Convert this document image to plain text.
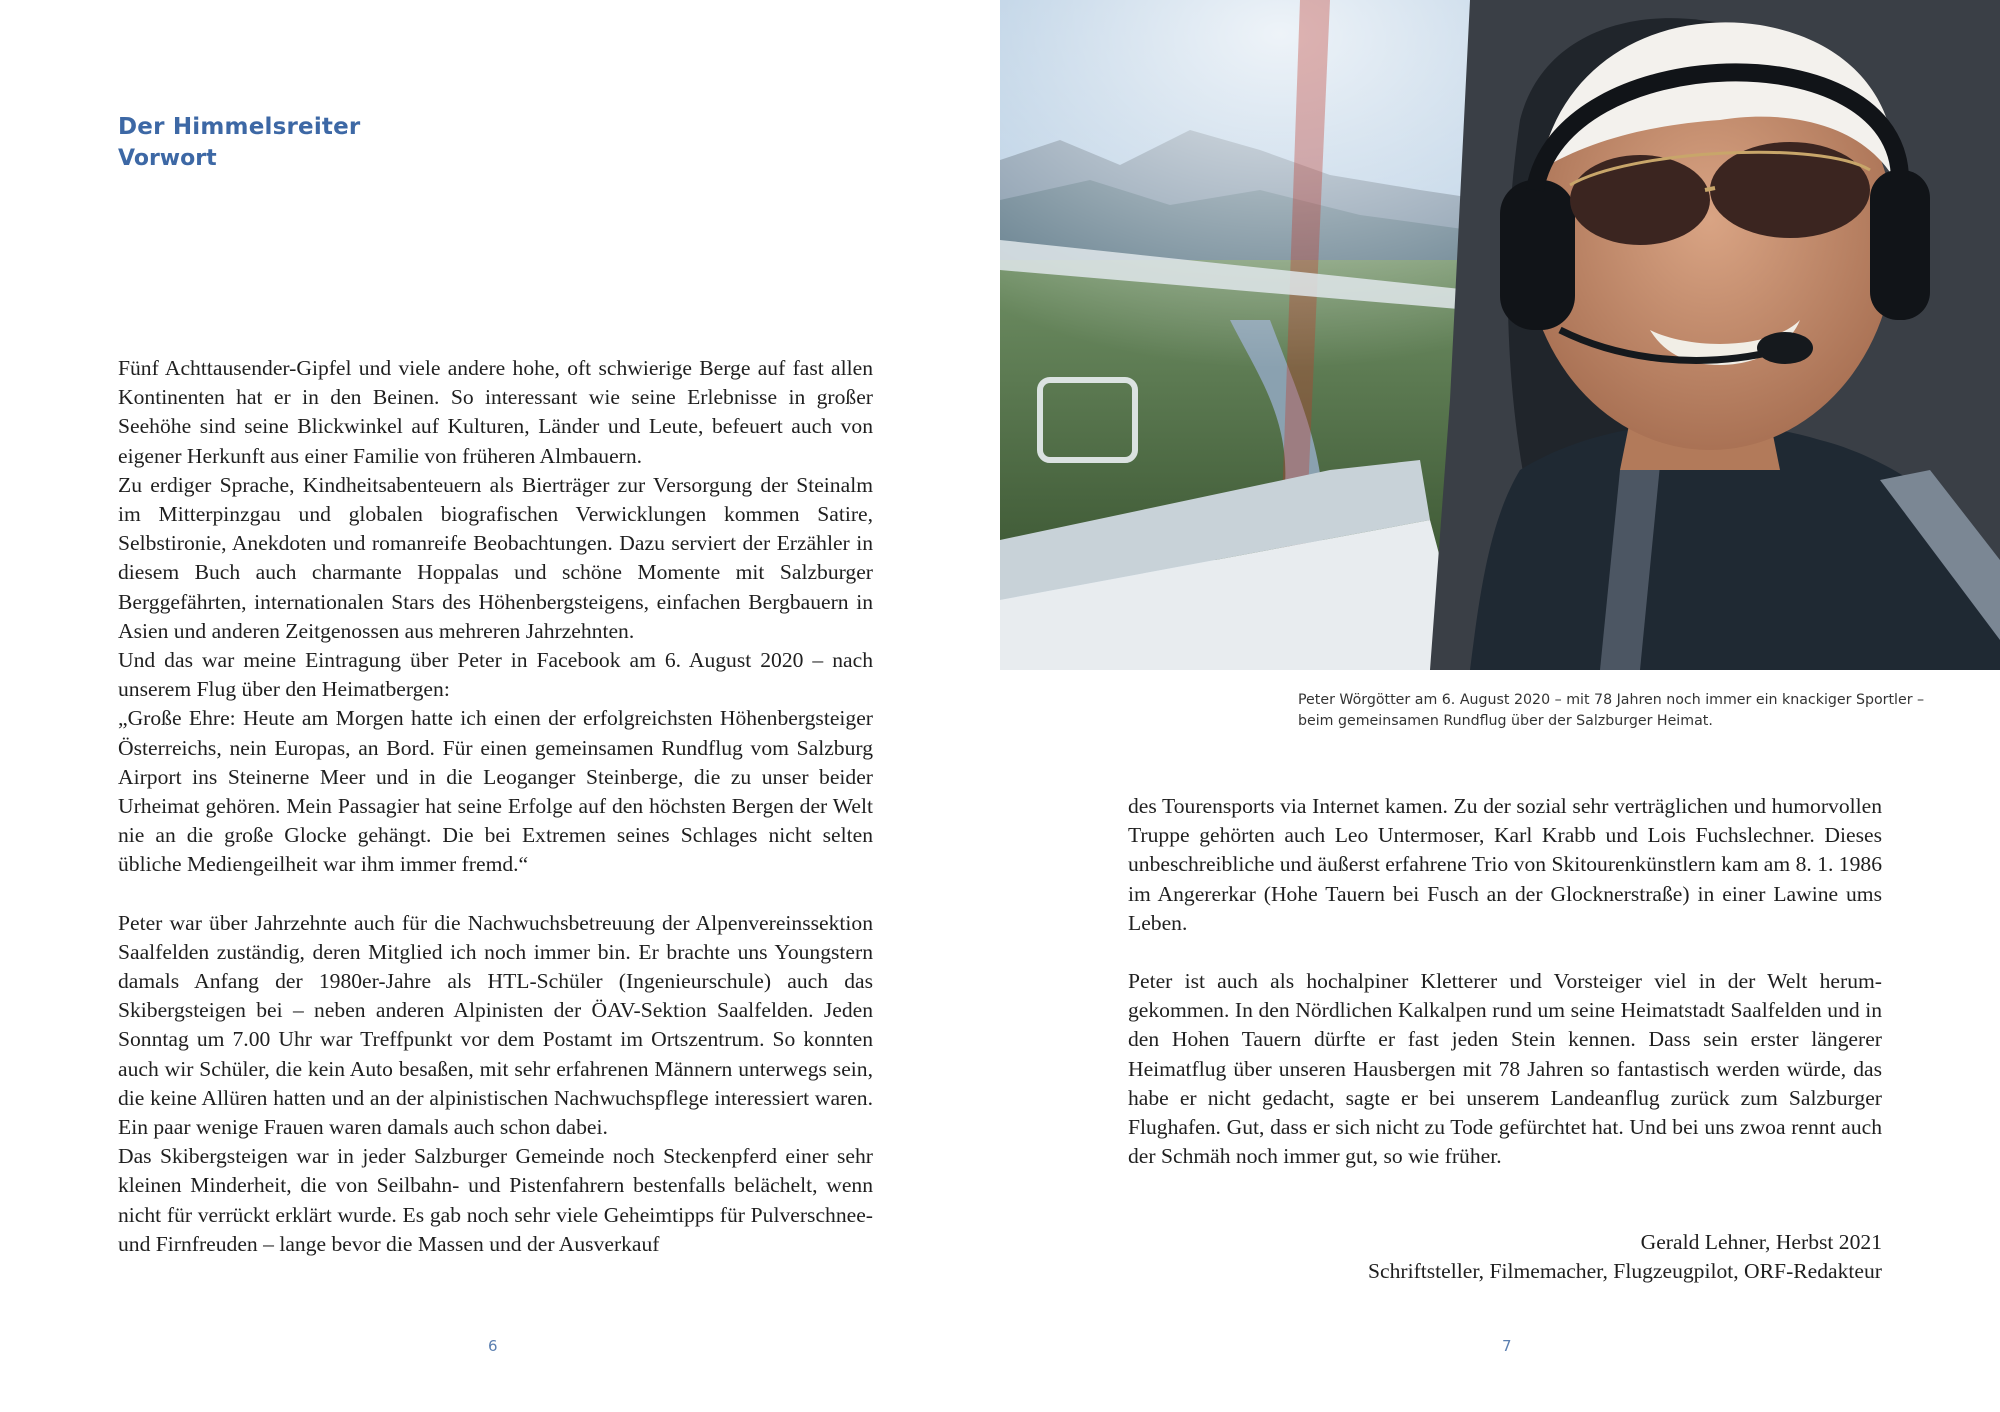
Der Himmelsreiter
Vorwort

Fünf Achttausender-Gipfel und viele andere hohe, oft schwierige Berge auf fast allen Kontinenten hat er in den Beinen. So interessant wie seine Erlebnisse in großer Seehöhe sind seine Blickwinkel auf Kulturen, Länder und Leute, befeuert auch von eigener Herkunft aus einer Familie von früheren Almbauern.

Zu erdiger Sprache, Kindheitsabenteuern als Bierträger zur Versorgung der Steinalm im Mitterpinzgau und globalen biografischen Verwicklungen kommen Satire, Selbstironie, Anekdoten und romanreife Beobachtungen. Dazu serviert der Erzähler in diesem Buch auch charmante Hoppalas und schöne Momente mit Salzburger Berggefährten, internationalen Stars des Höhenbergsteigens, einfachen Bergbauern in Asien und anderen Zeitgenossen aus mehreren Jahrzehnten.

Und das war meine Eintragung über Peter in Facebook am 6. August 2020 – nach unserem Flug über den Heimatbergen:

„Große Ehre: Heute am Morgen hatte ich einen der erfolgreichsten Höhenbergsteiger Österreichs, nein Europas, an Bord. Für einen gemeinsamen Rundflug vom Salzburg Airport ins Steinerne Meer und in die Leoganger Steinberge, die zu unser beider Urheimat gehören. Mein Passagier hat seine Erfolge auf den höchsten Bergen der Welt nie an die große Glocke gehängt. Die bei Extremen seines Schlages nicht selten übliche Mediengeilheit war ihm immer fremd.“

Peter war über Jahrzehnte auch für die Nachwuchsbetreuung der Alpenvereinssektion Saalfelden zuständig, deren Mitglied ich noch immer bin. Er brachte uns Youngstern damals Anfang der 1980er-Jahre als HTL-Schüler (Ingenieurschule) auch das Skibergsteigen bei – neben anderen Alpinisten der ÖAV-Sektion Saalfelden. Jeden Sonntag um 7.00 Uhr war Treffpunkt vor dem Postamt im Ortszentrum. So konnten auch wir Schüler, die kein Auto besaßen, mit sehr erfahrenen Männern unterwegs sein, die keine Allüren hatten und an der alpinistischen Nachwuchspflege interessiert waren. Ein paar wenige Frauen waren damals auch schon dabei.

Das Skibergsteigen war in jeder Salzburger Gemeinde noch Steckenpferd einer sehr kleinen Minderheit, die von Seilbahn- und Pistenfahrern bestenfalls belächelt, wenn nicht für verrückt erklärt wurde. Es gab noch sehr viele Geheimtipps für Pulverschnee- und Firnfreuden – lange bevor die Massen und der Ausverkauf

6
Peter Wörgötter am 6. August 2020 – mit 78 Jahren noch immer ein knackiger Sportler –
beim gemeinsamen Rundflug über der Salzburger Heimat.

des Tourensports via Internet kamen. Zu der sozial sehr verträglichen und humorvollen Truppe gehörten auch Leo Untermoser, Karl Krabb und Lois Fuchslechner. Dieses unbeschreibliche und äußerst erfahrene Trio von Skitourenkünstlern kam am 8. 1. 1986 im Angererkar (Hohe Tauern bei Fusch an der Glocknerstraße) in einer Lawine ums Leben.

Peter ist auch als hochalpiner Kletterer und Vorsteiger viel in der Welt herumgekommen. In den Nördlichen Kalkalpen rund um seine Heimatstadt Saalfelden und in den Hohen Tauern dürfte er fast jeden Stein kennen. Dass sein erster längerer Heimatflug über unseren Hausbergen mit 78 Jahren so fantastisch werden würde, das habe er nicht gedacht, sagte er bei unserem Landeanflug zurück zum Salzburger Flughafen. Gut, dass er sich nicht zu Tode gefürchtet hat. Und bei uns zwoa rennt auch der Schmäh noch immer gut, so wie früher.

Gerald Lehner, Herbst 2021
Schriftsteller, Filmemacher, Flugzeugpilot, ORF-Redakteur
7
